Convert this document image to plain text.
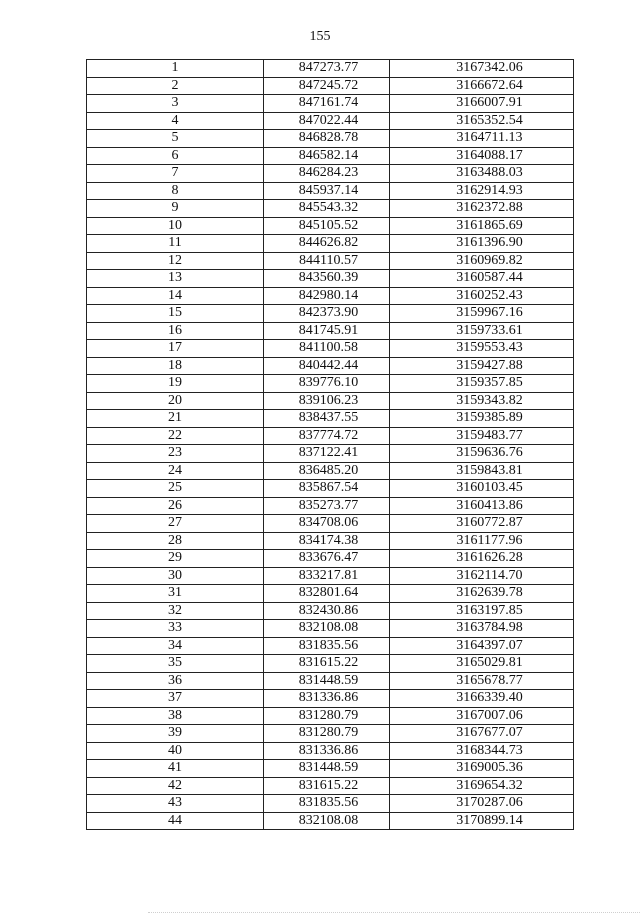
155
1	847273.77	3167342.06
2	847245.72	3166672.64
3	847161.74	3166007.91
4	847022.44	3165352.54
5	846828.78	3164711.13
6	846582.14	3164088.17
7	846284.23	3163488.03
8	845937.14	3162914.93
9	845543.32	3162372.88
10	845105.52	3161865.69
11	844626.82	3161396.90
12	844110.57	3160969.82
13	843560.39	3160587.44
14	842980.14	3160252.43
15	842373.90	3159967.16
16	841745.91	3159733.61
17	841100.58	3159553.43
18	840442.44	3159427.88
19	839776.10	3159357.85
20	839106.23	3159343.82
21	838437.55	3159385.89
22	837774.72	3159483.77
23	837122.41	3159636.76
24	836485.20	3159843.81
25	835867.54	3160103.45
26	835273.77	3160413.86
27	834708.06	3160772.87
28	834174.38	3161177.96
29	833676.47	3161626.28
30	833217.81	3162114.70
31	832801.64	3162639.78
32	832430.86	3163197.85
33	832108.08	3163784.98
34	831835.56	3164397.07
35	831615.22	3165029.81
36	831448.59	3165678.77
37	831336.86	3166339.40
38	831280.79	3167007.06
39	831280.79	3167677.07
40	831336.86	3168344.73
41	831448.59	3169005.36
42	831615.22	3169654.32
43	831835.56	3170287.06
44	832108.08	3170899.14
